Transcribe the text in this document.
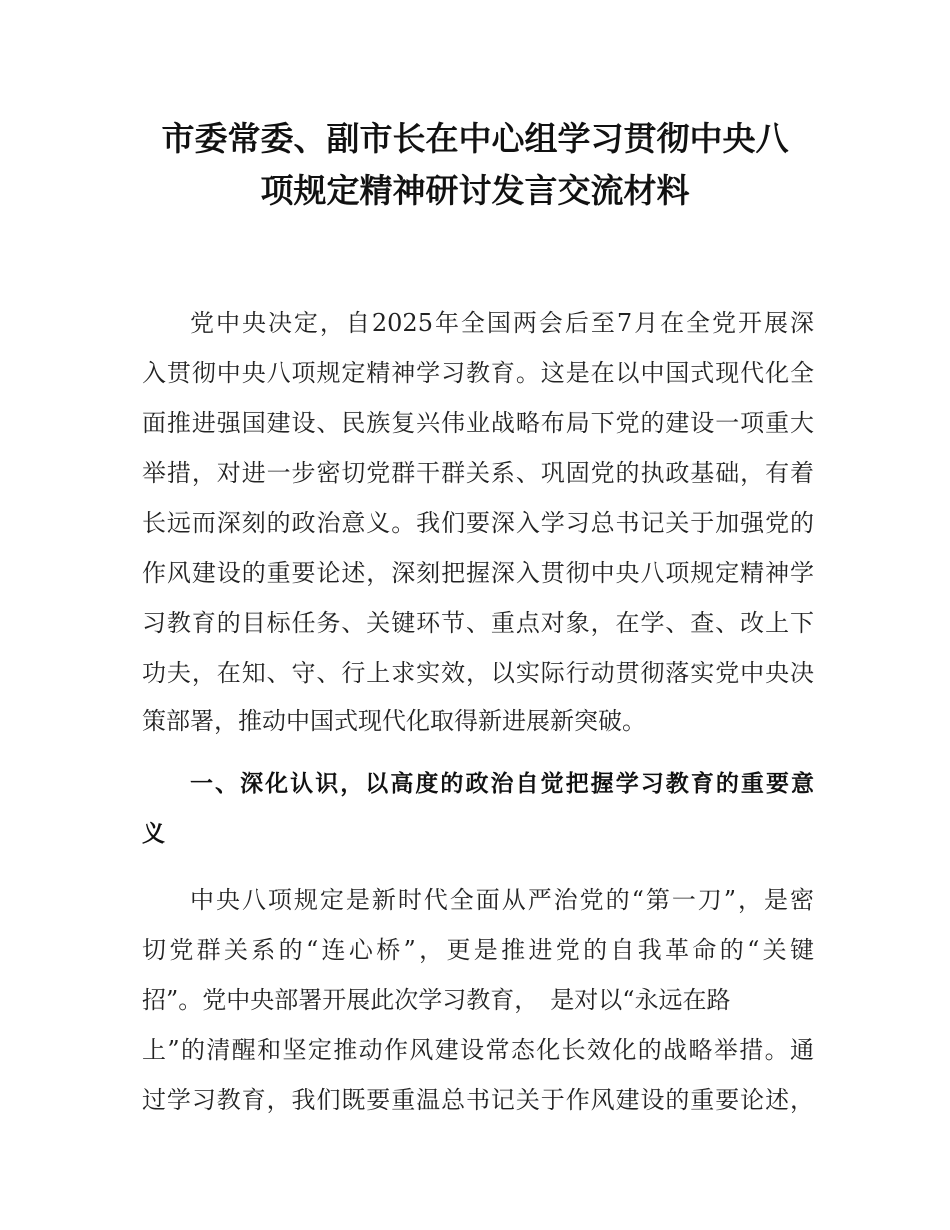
市委常委、副市长在中心组学习贯彻中央八
项规定精神研讨发言交流材料
党中央决定，自2025年全国两会后至7月在全党开展深
入贯彻中央八项规定精神学习教育。这是在以中国式现代化全
面推进强国建设、民族复兴伟业战略布局下党的建设一项重大
举措，对进一步密切党群干群关系、巩固党的执政基础，有着
长远而深刻的政治意义。我们要深入学习总书记关于加强党的
作风建设的重要论述，深刻把握深入贯彻中央八项规定精神学
习教育的目标任务、关键环节、重点对象，在学、查、改上下
功夫，在知、守、行上求实效，以实际行动贯彻落实党中央决
策部署，推动中国式现代化取得新进展新突破。
一、深化认识，以高度的政治自觉把握学习教育的重要意
义
中央八项规定是新时代全面从严治党的“第一刀”，是密
切党群关系的“连心桥”，更是推进党的自我革命的“关键
招”。党中央部署开展此次学习教育，　是对以“永远在路
上”的清醒和坚定推动作风建设常态化长效化的战略举措。通
过学习教育，我们既要重温总书记关于作风建设的重要论述，
